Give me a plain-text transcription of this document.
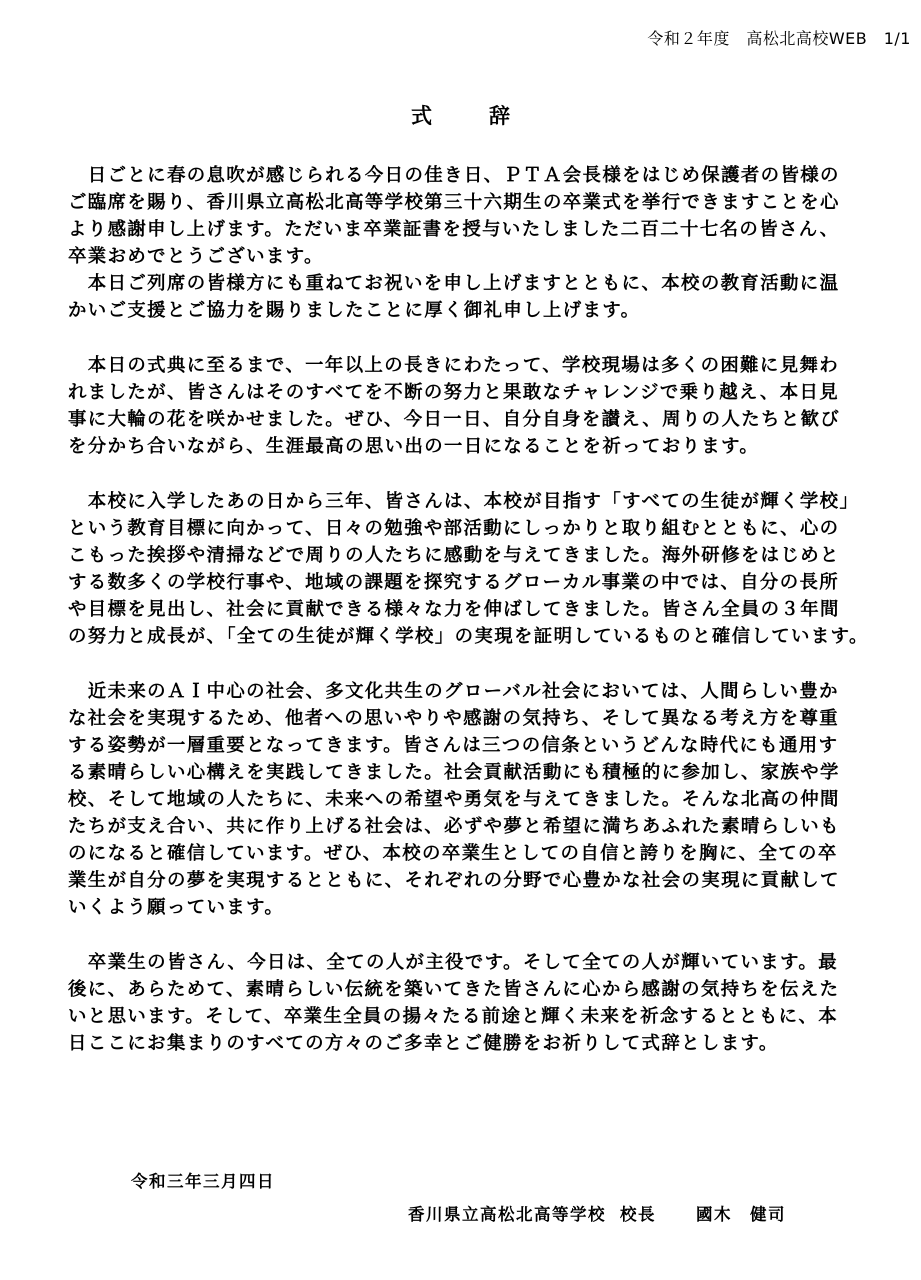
令和２年度　高松北高校WEB　1/1
式　辞
　日ごとに春の息吹が感じられる今日の佳き日、ＰＴＡ会長様をはじめ保護者の皆様の
ご臨席を賜り、香川県立高松北高等学校第三十六期生の卒業式を挙行できますことを心
より感謝申し上げます。ただいま卒業証書を授与いたしました二百二十七名の皆さん、
卒業おめでとうございます。
　本日ご列席の皆様方にも重ねてお祝いを申し上げますとともに、本校の教育活動に温
かいご支援とご協力を賜りましたことに厚く御礼申し上げます。
　本日の式典に至るまで、一年以上の長きにわたって、学校現場は多くの困難に見舞わ
れましたが、皆さんはそのすべてを不断の努力と果敢なチャレンジで乗り越え、本日見
事に大輪の花を咲かせました。ぜひ、今日一日、自分自身を讃え、周りの人たちと歓び
を分かち合いながら、生涯最高の思い出の一日になることを祈っております。
　本校に入学したあの日から三年、皆さんは、本校が目指す「すべての生徒が輝く学校」
という教育目標に向かって、日々の勉強や部活動にしっかりと取り組むとともに、心の
こもった挨拶や清掃などで周りの人たちに感動を与えてきました。海外研修をはじめと
する数多くの学校行事や、地域の課題を探究するグローカル事業の中では、自分の長所
や目標を見出し、社会に貢献できる様々な力を伸ばしてきました。皆さん全員の３年間
の努力と成長が、「全ての生徒が輝く学校」の実現を証明しているものと確信しています。
　近未来のＡＩ中心の社会、多文化共生のグローバル社会においては、人間らしい豊か
な社会を実現するため、他者への思いやりや感謝の気持ち、そして異なる考え方を尊重
する姿勢が一層重要となってきます。皆さんは三つの信条というどんな時代にも通用す
る素晴らしい心構えを実践してきました。社会貢献活動にも積極的に参加し、家族や学
校、そして地域の人たちに、未来への希望や勇気を与えてきました。そんな北高の仲間
たちが支え合い、共に作り上げる社会は、必ずや夢と希望に満ちあふれた素晴らしいも
のになると確信しています。ぜひ、本校の卒業生としての自信と誇りを胸に、全ての卒
業生が自分の夢を実現するとともに、それぞれの分野で心豊かな社会の実現に貢献して
いくよう願っています。
　卒業生の皆さん、今日は、全ての人が主役です。そして全ての人が輝いています。最
後に、あらためて、素晴らしい伝統を築いてきた皆さんに心から感謝の気持ちを伝えた
いと思います。そして、卒業生全員の揚々たる前途と輝く未来を祈念するとともに、本
日ここにお集まりのすべての方々のご多幸とご健勝をお祈りして式辞とします。
令和三年三月四日
香川県立高松北高等学校 校長 國木　健司
